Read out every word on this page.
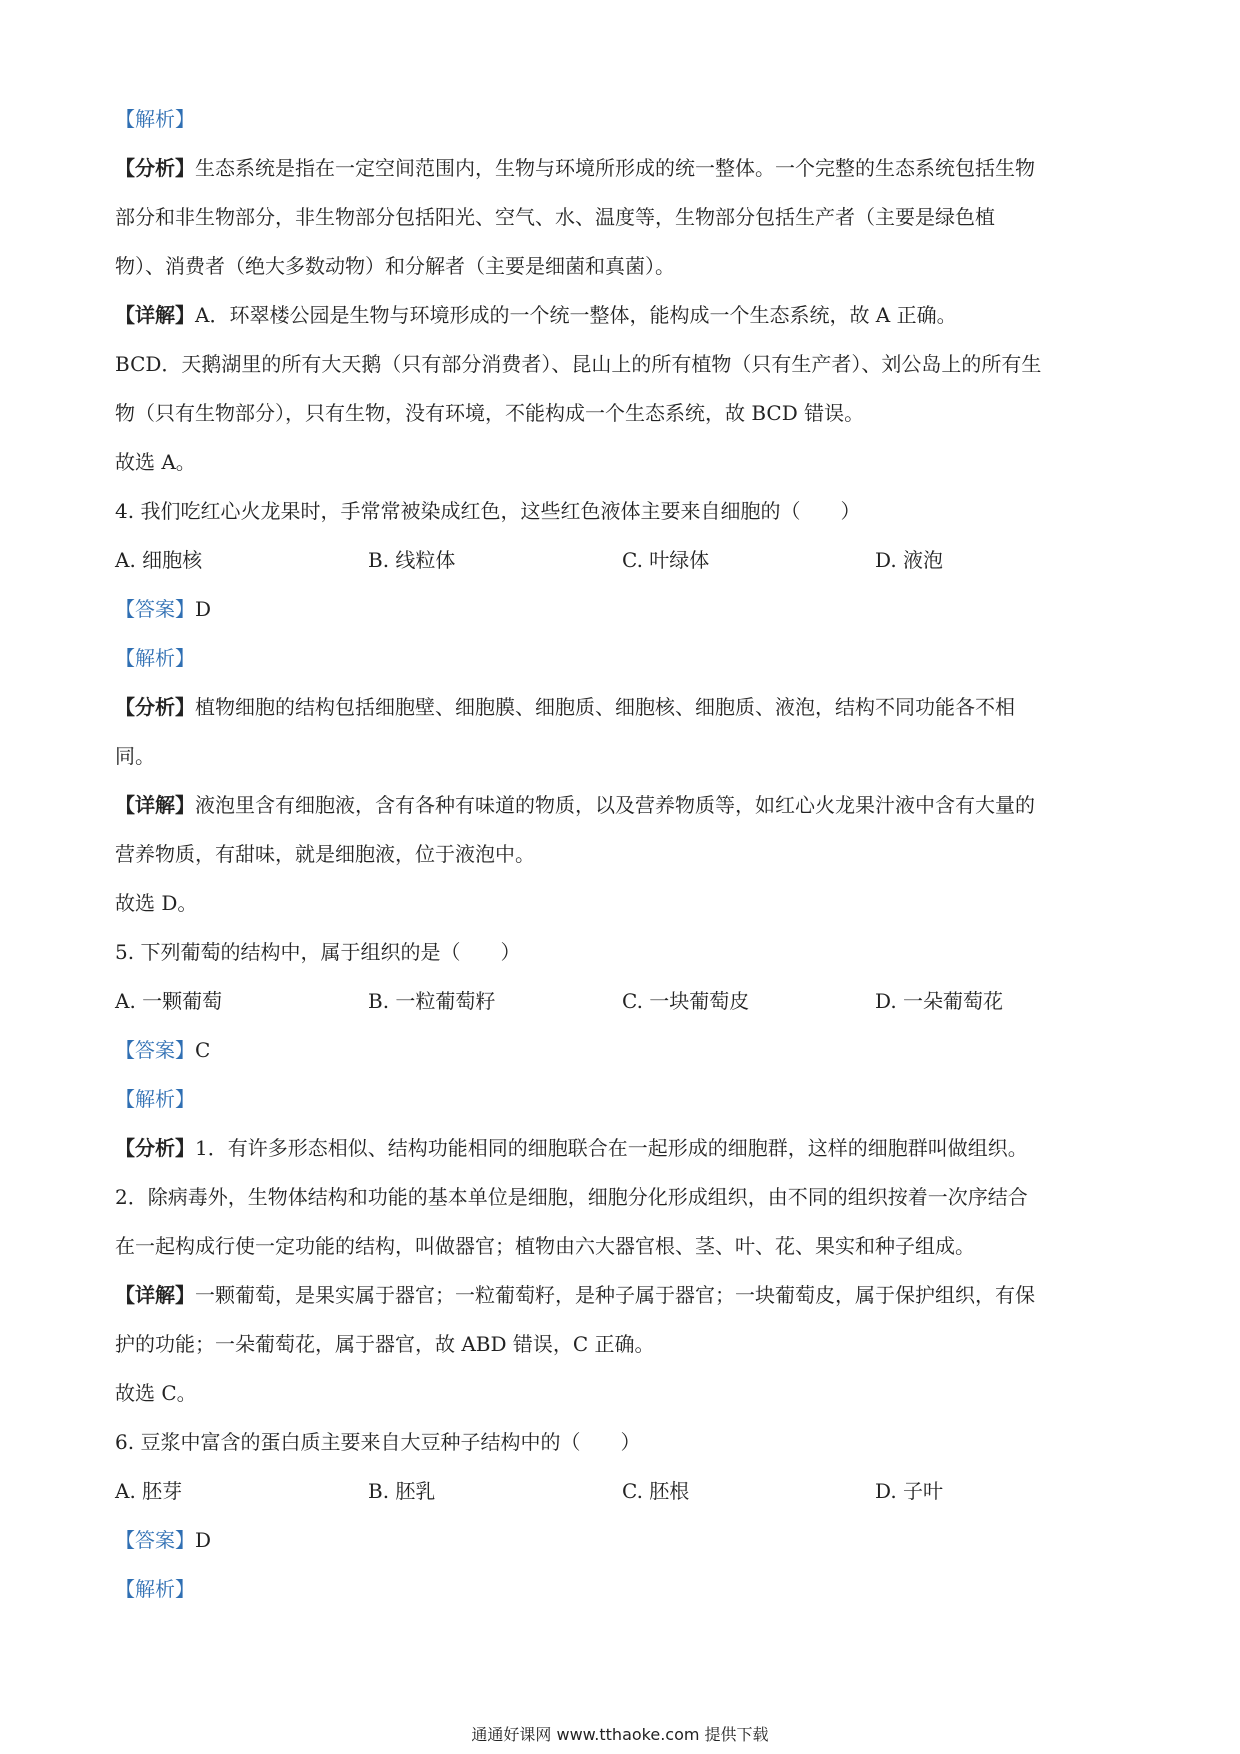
【解析】
【分析】生态系统是指在一定空间范围内，生物与环境所形成的统一整体。一个完整的生态系统包括生物
部分和非生物部分，非生物部分包括阳光、空气、水、温度等，生物部分包括生产者（主要是绿色植
物）、消费者（绝大多数动物）和分解者（主要是细菌和真菌）。
【详解】A．环翠楼公园是生物与环境形成的一个统一整体，能构成一个生态系统，故 A 正确。
BCD．天鹅湖里的所有大天鹅（只有部分消费者）、昆山上的所有植物（只有生产者）、刘公岛上的所有生
物（只有生物部分），只有生物，没有环境，不能构成一个生态系统，故 BCD 错误。
故选 A。
4. 我们吃红心火龙果时，手常常被染成红色，这些红色液体主要来自细胞的（　　）
A. 细胞核	B. 线粒体	C. 叶绿体	D. 液泡
【答案】D
【解析】
【分析】植物细胞的结构包括细胞壁、细胞膜、细胞质、细胞核、细胞质、液泡，结构不同功能各不相
同。
【详解】液泡里含有细胞液，含有各种有味道的物质，以及营养物质等，如红心火龙果汁液中含有大量的
营养物质，有甜味，就是细胞液，位于液泡中。
故选 D。
5. 下列葡萄的结构中，属于组织的是（　　）
A. 一颗葡萄	B. 一粒葡萄籽	C. 一块葡萄皮	D. 一朵葡萄花
【答案】C
【解析】
【分析】1．有许多形态相似、结构功能相同的细胞联合在一起形成的细胞群，这样的细胞群叫做组织。
2．除病毒外，生物体结构和功能的基本单位是细胞，细胞分化形成组织，由不同的组织按着一次序结合
在一起构成行使一定功能的结构，叫做器官；植物由六大器官根、茎、叶、花、果实和种子组成。
【详解】一颗葡萄，是果实属于器官；一粒葡萄籽，是种子属于器官；一块葡萄皮，属于保护组织，有保
护的功能；一朵葡萄花，属于器官，故 ABD 错误，C 正确。
故选 C。
6. 豆浆中富含的蛋白质主要来自大豆种子结构中的（　　）
A. 胚芽	B. 胚乳	C. 胚根	D. 子叶
【答案】D
【解析】
通通好课网 www.tthaoke.com 提供下载
